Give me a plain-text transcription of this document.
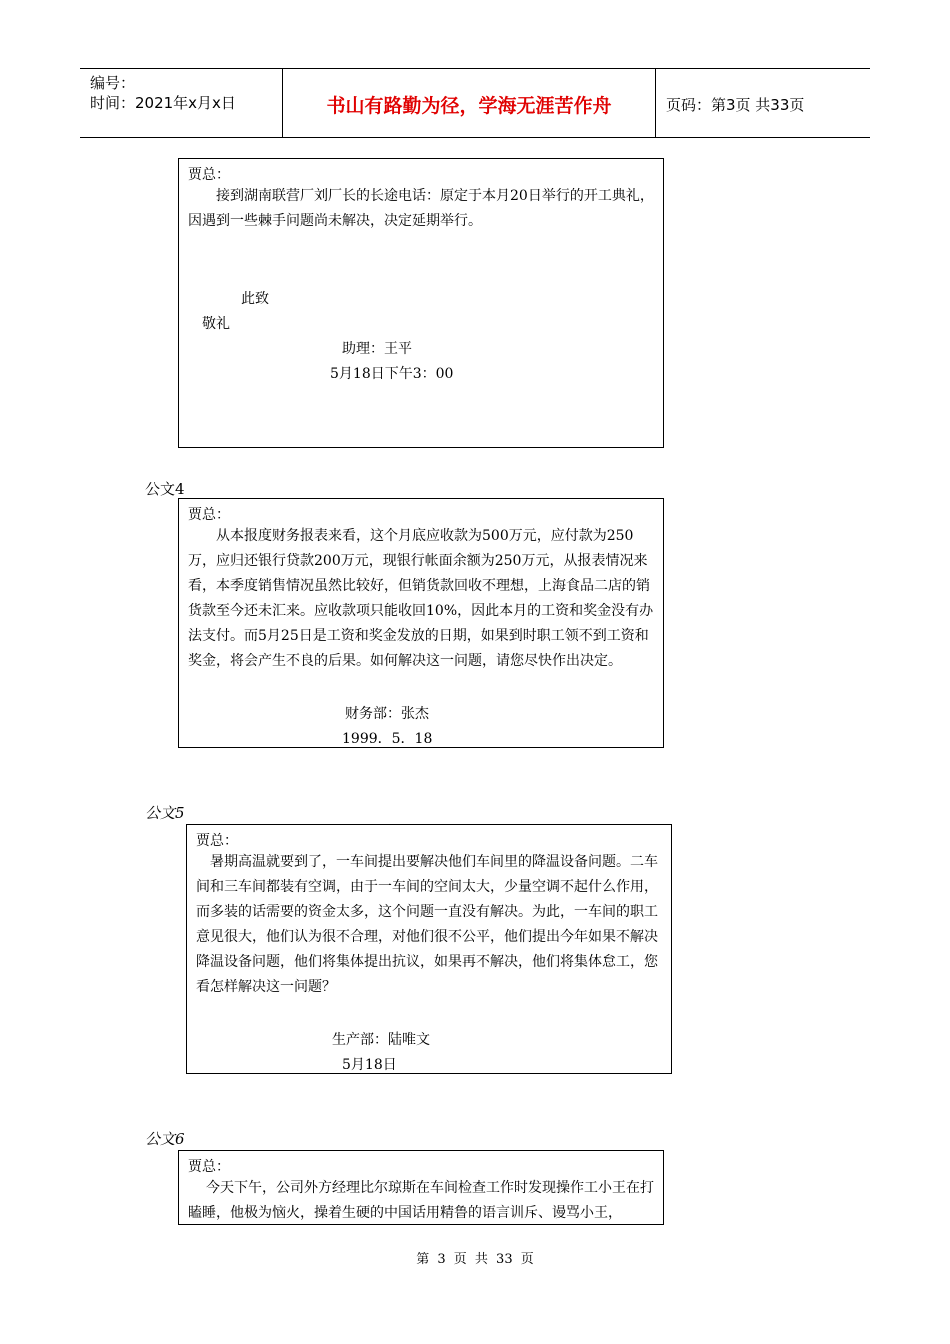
编号：
时间：2021年x月x日	书山有路勤为径，学海无涯苦作舟	页码：第3页 共33页
贾总：
接到湖南联营厂刘厂长的长途电话：原定于本月20日举行的开工典礼，因遇到一些棘手问题尚未解决，决定延期举行。
此致
敬礼
助理：王平
5月18日下午3：00
公文4
贾总：
从本报度财务报表来看，这个月底应收款为500万元，应付款为250万，应归还银行贷款200万元，现银行帐面余额为250万元，从报表情况来看，本季度销售情况虽然比较好，但销货款回收不理想，上海食品二店的销货款至今还未汇来。应收款项只能收回10%，因此本月的工资和奖金没有办法支付。而5月25日是工资和奖金发放的日期，如果到时职工领不到工资和奖金，将会产生不良的后果。如何解决这一问题，请您尽快作出决定。
财务部：张杰
1999．5．18
公文5
贾总：
暑期高温就要到了，一车间提出要解决他们车间里的降温设备问题。二车间和三车间都装有空调，由于一车间的空间太大，少量空调不起什么作用，而多装的话需要的资金太多，这个问题一直没有解决。为此，一车间的职工意见很大，他们认为很不合理，对他们很不公平，他们提出今年如果不解决降温设备问题，他们将集体提出抗议，如果再不解决，他们将集体怠工，您看怎样解决这一问题？
生产部：陆唯文
5月18日
公文6
贾总：
今天下午，公司外方经理比尔琼斯在车间检查工作时发现操作工小王在打瞌睡，他极为恼火，操着生硬的中国话用精鲁的语言训斥、谩骂小王，
第 3 页 共 33 页
